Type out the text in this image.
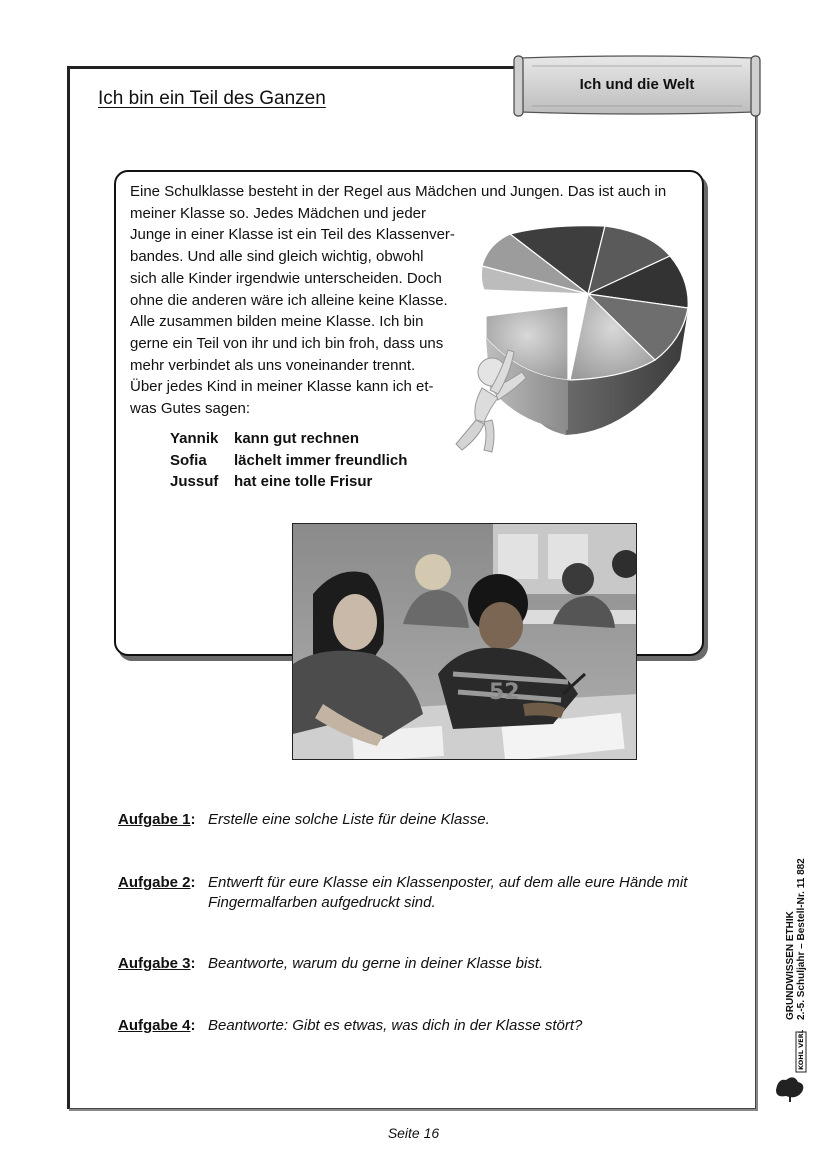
Ich und die Welt
Ich bin ein Teil des Ganzen
Eine Schulklasse besteht in der Regel aus Mädchen und Jungen. Das ist auch in
meiner Klasse so. Jedes Mädchen und jeder
Junge in einer Klasse ist ein Teil des Klassenver-
bandes. Und alle sind gleich wichtig, obwohl
sich alle Kinder irgendwie unterscheiden. Doch
ohne die anderen wäre ich alleine keine Klasse.
Alle zusammen bilden meine Klasse. Ich bin
gerne ein Teil von ihr und ich bin froh, dass uns
mehr verbindet als uns voneinander trennt.
Über jedes Kind in meiner Klasse kann ich et-
was Gutes sagen:
Yannik	kann gut rechnen
Sofia	lächelt immer freundlich
Jussuf	hat eine tolle Frisur
52
Aufgabe 1: Erstelle eine solche Liste für deine Klasse.
Aufgabe 2: Entwerft für eure Klasse ein Klassenposter, auf dem alle eure Hände mit Fingermalfarben aufgedruckt sind.
Aufgabe 3: Beantworte, warum du gerne in deiner Klasse bist.
Aufgabe 4: Beantworte: Gibt es etwas, was dich in der Klasse stört?
GRUNDWISSEN ETHIK 2.-5. Schuljahr – Bestell-Nr. 11 882
KOHL VERLAG
Seite 16
